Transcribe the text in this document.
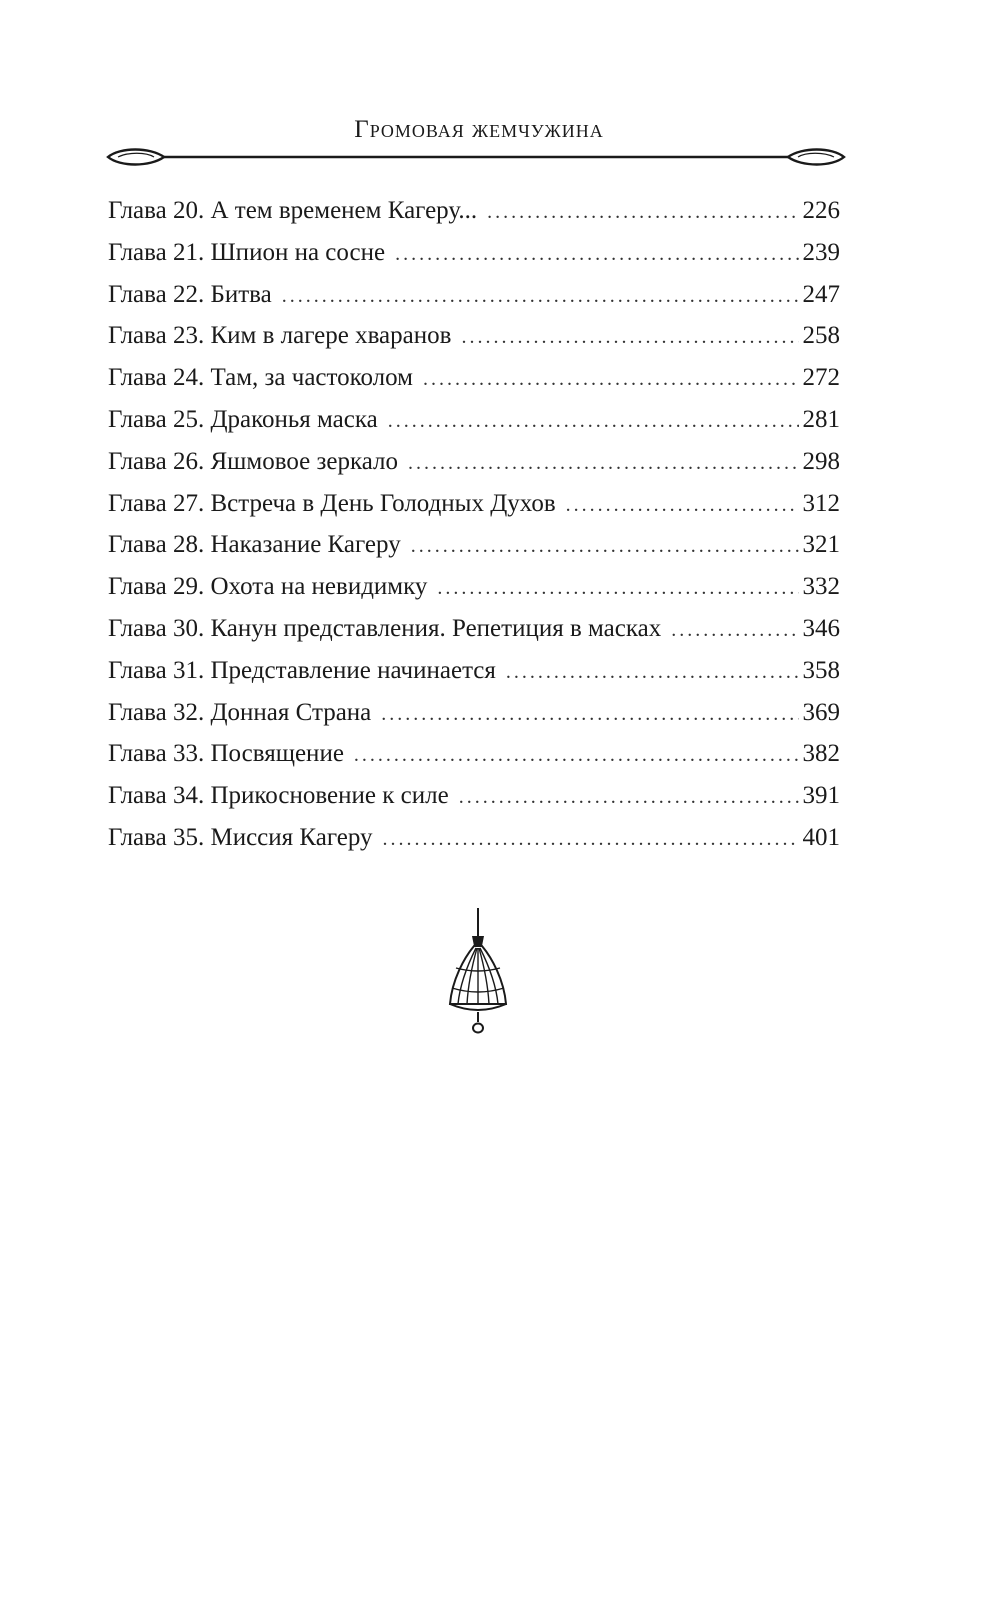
Громовая жемчужина
Глава 20. А тем временем Кагеру... .....	226
Глава 21. Шпион на сосне .....	239
Глава 22. Битва .....	247
Глава 23. Ким в лагере хваранов .....	258
Глава 24. Там, за частоколом .....	272
Глава 25. Драконья маска .....	281
Глава 26. Яшмовое зеркало .....	298
Глава 27. Встреча в День Голодных Духов .....	312
Глава 28. Наказание Кагеру .....	321
Глава 29. Охота на невидимку .....	332
Глава 30. Канун представления. Репетиция в масках .....	346
Глава 31. Представление начинается .....	358
Глава 32. Донная Страна .....	369
Глава 33. Посвящение .....	382
Глава 34. Прикосновение к силе .....	391
Глава 35. Миссия Кагеру .....	401
